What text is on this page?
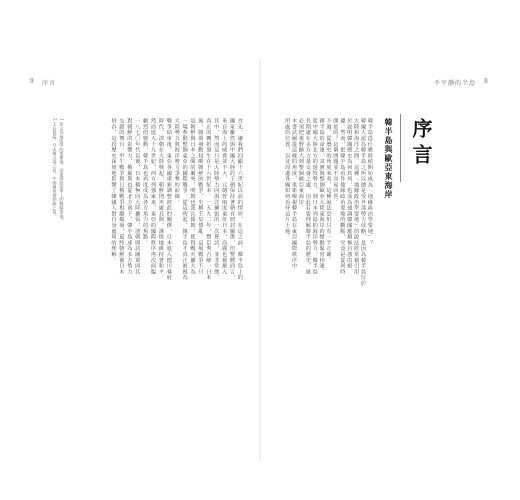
9 序言	不平靜的半島 8
序言
韓半島與歐亞東海岸
韓半島從什麼時候開始成為「地緣政治學要地」？
韓國人認為韓半島之所以總是受外部勢力侵略，是因為韓半島位於
大陸和海洋之間。這種「地緣政治學要地」的說法經常被引用
於說明韓國歷史為何坎坷，也成為強調韓國應積極自強的根
據。然而，把韓半島看作地緣政治要地的觀點，究竟是從何時
開始的？這個問題並不容易回答。
不過，從歷史的角度來看，這種說法恐怕只有一半正確。
韓半島的命運，其實與整個歐亞大陸東海岸的變動緊密相連，
從中國大陸北方的遊牧勢力、到日本列島的海洋勢力，韓半島
長期處在多方力量交會之處。因此若要理解韓半島的歷史，就
必須把視野擴大到整個歐亞東海岸。
本書試圖從這樣的角度，重新檢視韓半島在東亞國際秩序中
所處的位置，以及周邊各國如何看待這片土地。
首先，讓我們回顧十六世紀以前的情形。在這之前，韓半島上的
國家雖然與中國大陸的王朝保持著朝貢冊封關係，但整體而言，
來自海上的威脅並不大。元朝曾兩度東征日本，高麗也被捲入
其中，然而這只是大陸勢力向海洋擴張的一次嘗試，並非常態。
真正的轉折發生在十六世紀末。一五九二年，豐臣秀吉統一日本
後，隨即發動侵略朝鮮的戰爭，史稱壬辰倭亂。這場戰爭不只
是朝鮮與日本之間的衝突，明朝也派兵援朝，使得戰火擴大為
一場牽動整個東亞的國際戰爭。從這時起，韓半島才真正被視為
大陸勢力與海洋勢力爭奪的前線。
戰爭結束後，東亞各國重新調整彼此的關係，日本進入德川幕府
時代，清朝在大陸興起，朝鮮則夾處其間，謹慎地維持著和平。
然而進入十九世紀，西方列強東來，東亞的國際秩序再次面臨
劇烈的變動，韓半島也再度成為各方角力的焦點。
一八七〇年代以後，日本積極向大陸擴張，清朝則試圖鞏固其
對朝鮮的影響力，俄羅斯也從北方南下，韓半島成為多方勢力
交錯的舞台。甲午戰爭與日俄戰爭相繼爆發，最終朝鮮被日本
併吞，這段歷史深刻地影響了韓國人對自身處境的理解。
1 原文為地政學的要衝地，即地緣政治學上的戰略要地。
2 壬辰倭亂，日本稱文祿之役，中國稱萬曆朝鮮之役。
